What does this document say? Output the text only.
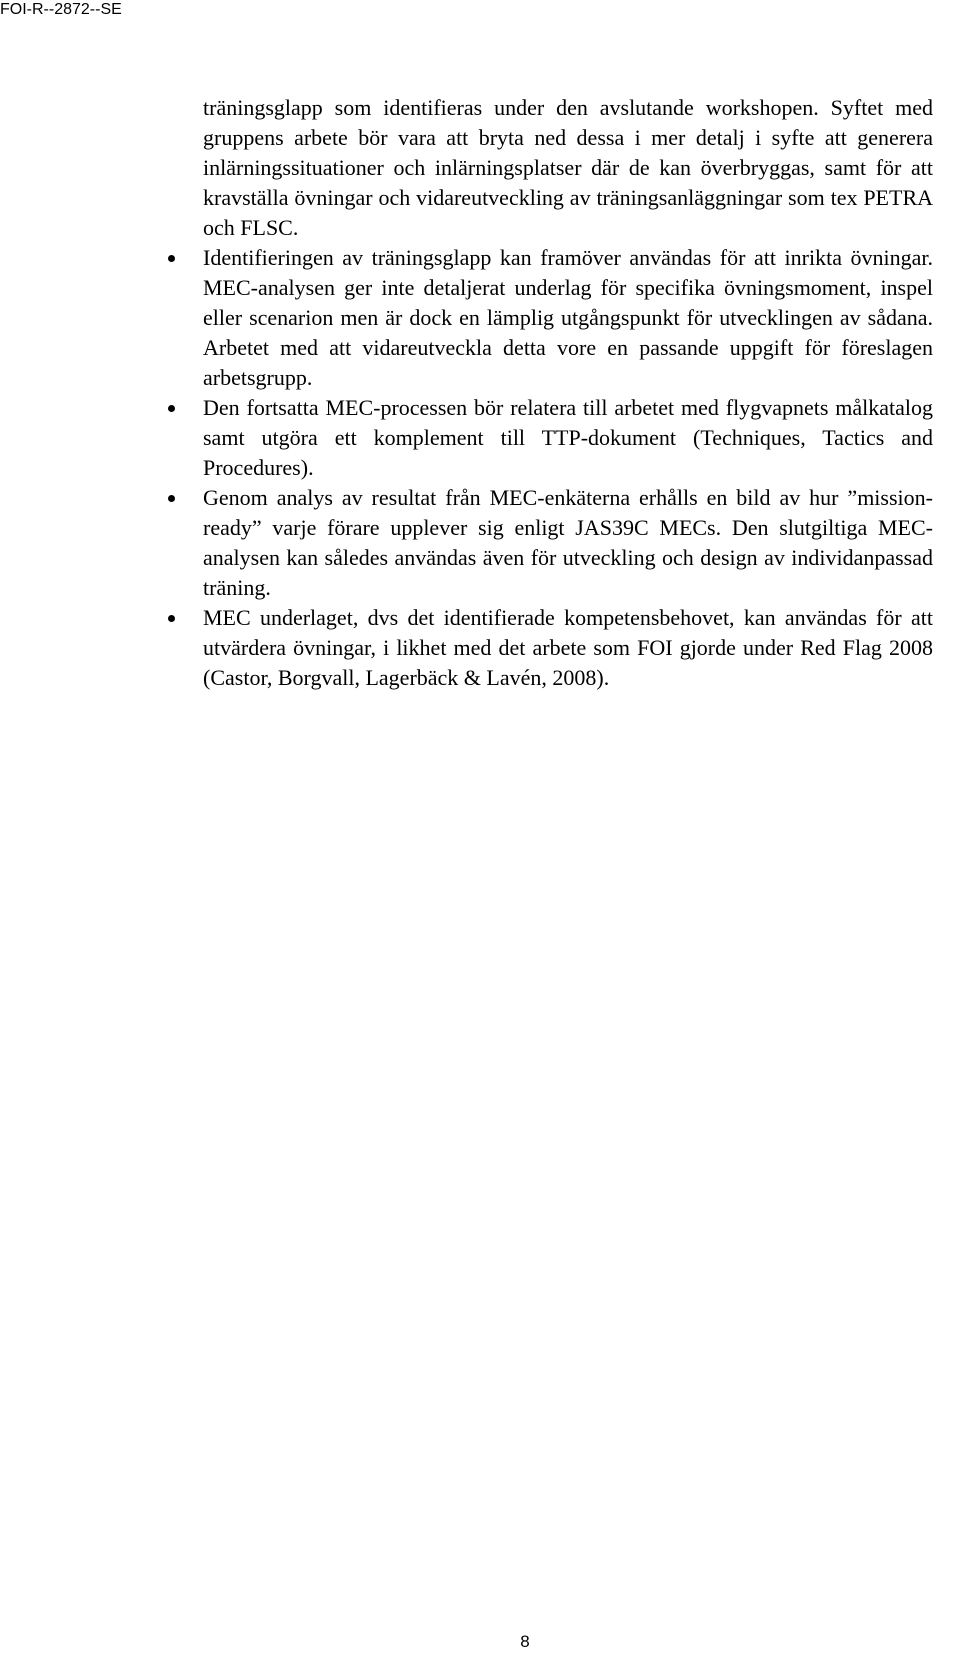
FOI-R--2872--SE

träningsglapp som identifieras under den avslutande workshopen. Syftet med gruppens arbete bör vara att bryta ned dessa i mer detalj i syfte att generera inlärningssituationer och inlärningsplatser där de kan överbryggas, samt för att kravställa övningar och vidareutveckling av träningsanläggningar som tex PETRA och FLSC.

Identifieringen av träningsglapp kan framöver användas för att inrikta övningar. MEC-analysen ger inte detaljerat underlag för specifika övningsmoment, inspel eller scenarion men är dock en lämplig utgångspunkt för utvecklingen av sådana. Arbetet med att vidareutveckla detta vore en passande uppgift för föreslagen arbetsgrupp.
Den fortsatta MEC-processen bör relatera till arbetet med flygvapnets målkatalog samt utgöra ett komplement till TTP-dokument (Techniques, Tactics and Procedures).
Genom analys av resultat från MEC-enkäterna erhålls en bild av hur ”mission-ready” varje förare upplever sig enligt JAS39C MECs. Den slutgiltiga MEC-analysen kan således användas även för utveckling och design av individanpassad träning.
MEC underlaget, dvs det identifierade kompetensbehovet, kan användas för att utvärdera övningar, i likhet med det arbete som FOI gjorde under Red Flag 2008 (Castor, Borgvall, Lagerbäck & Lavén, 2008).
8
